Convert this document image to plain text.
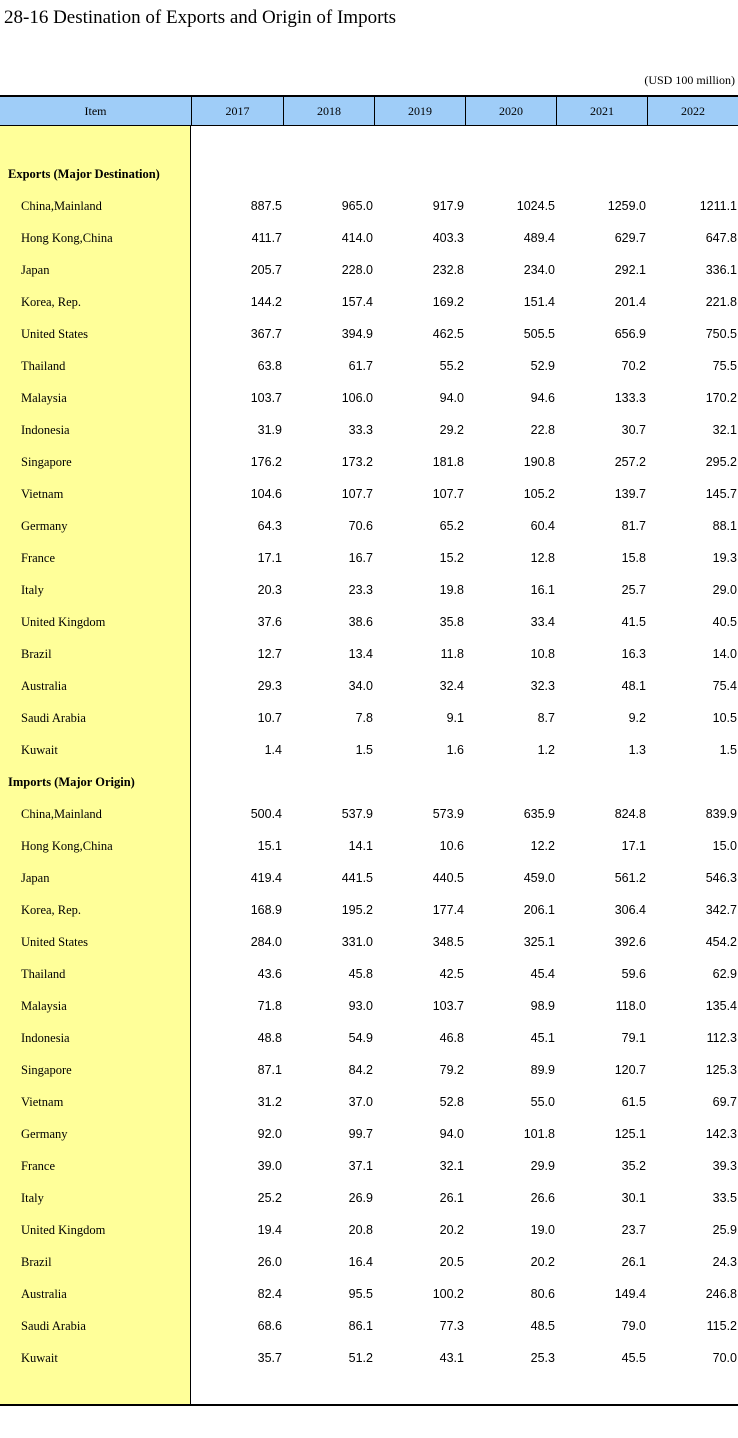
28-16 Destination of Exports and Origin of Imports
(USD 100 million)
Item	2017	2018	2019	2020	2021	2022
Exports (Major Destination)
China,Mainland	887.5	965.0	917.9	1024.5	1259.0	1211.1
Hong Kong,China	411.7	414.0	403.3	489.4	629.7	647.8
Japan	205.7	228.0	232.8	234.0	292.1	336.1
Korea, Rep.	144.2	157.4	169.2	151.4	201.4	221.8
United States	367.7	394.9	462.5	505.5	656.9	750.5
Thailand	63.8	61.7	55.2	52.9	70.2	75.5
Malaysia	103.7	106.0	94.0	94.6	133.3	170.2
Indonesia	31.9	33.3	29.2	22.8	30.7	32.1
Singapore	176.2	173.2	181.8	190.8	257.2	295.2
Vietnam	104.6	107.7	107.7	105.2	139.7	145.7
Germany	64.3	70.6	65.2	60.4	81.7	88.1
France	17.1	16.7	15.2	12.8	15.8	19.3
Italy	20.3	23.3	19.8	16.1	25.7	29.0
United Kingdom	37.6	38.6	35.8	33.4	41.5	40.5
Brazil	12.7	13.4	11.8	10.8	16.3	14.0
Australia	29.3	34.0	32.4	32.3	48.1	75.4
Saudi Arabia	10.7	7.8	9.1	8.7	9.2	10.5
Kuwait	1.4	1.5	1.6	1.2	1.3	1.5
Imports (Major Origin)
China,Mainland	500.4	537.9	573.9	635.9	824.8	839.9
Hong Kong,China	15.1	14.1	10.6	12.2	17.1	15.0
Japan	419.4	441.5	440.5	459.0	561.2	546.3
Korea, Rep.	168.9	195.2	177.4	206.1	306.4	342.7
United States	284.0	331.0	348.5	325.1	392.6	454.2
Thailand	43.6	45.8	42.5	45.4	59.6	62.9
Malaysia	71.8	93.0	103.7	98.9	118.0	135.4
Indonesia	48.8	54.9	46.8	45.1	79.1	112.3
Singapore	87.1	84.2	79.2	89.9	120.7	125.3
Vietnam	31.2	37.0	52.8	55.0	61.5	69.7
Germany	92.0	99.7	94.0	101.8	125.1	142.3
France	39.0	37.1	32.1	29.9	35.2	39.3
Italy	25.2	26.9	26.1	26.6	30.1	33.5
United Kingdom	19.4	20.8	20.2	19.0	23.7	25.9
Brazil	26.0	16.4	20.5	20.2	26.1	24.3
Australia	82.4	95.5	100.2	80.6	149.4	246.8
Saudi Arabia	68.6	86.1	77.3	48.5	79.0	115.2
Kuwait	35.7	51.2	43.1	25.3	45.5	70.0
